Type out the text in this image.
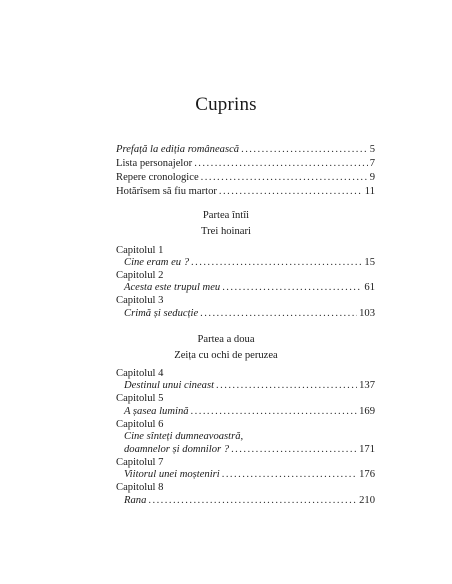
Cuprins
Prefață la ediția românească . . .	5
Lista personajelor . . .	7
Repere cronologice . . .	9
Hotărîsem să fiu martor . . .	11
Partea întîi
Trei hoinari
Capitolul 1
Cine eram eu ? . . .	15
Capitolul 2
Acesta este trupul meu . . .	61
Capitolul 3
Crimă și seducție . . .	103
Partea a doua
Zeița cu ochi de peruzea
Capitolul 4
Destinul unui cineast . . .	137
Capitolul 5
A șasea lumină . . .	169
Capitolul 6
Cine sînteți dumneavoastră,
doamnelor și domnilor ? . . .	171
Capitolul 7
Viitorul unei moșteniri . . .	176
Capitolul 8
Rana . . .	210
